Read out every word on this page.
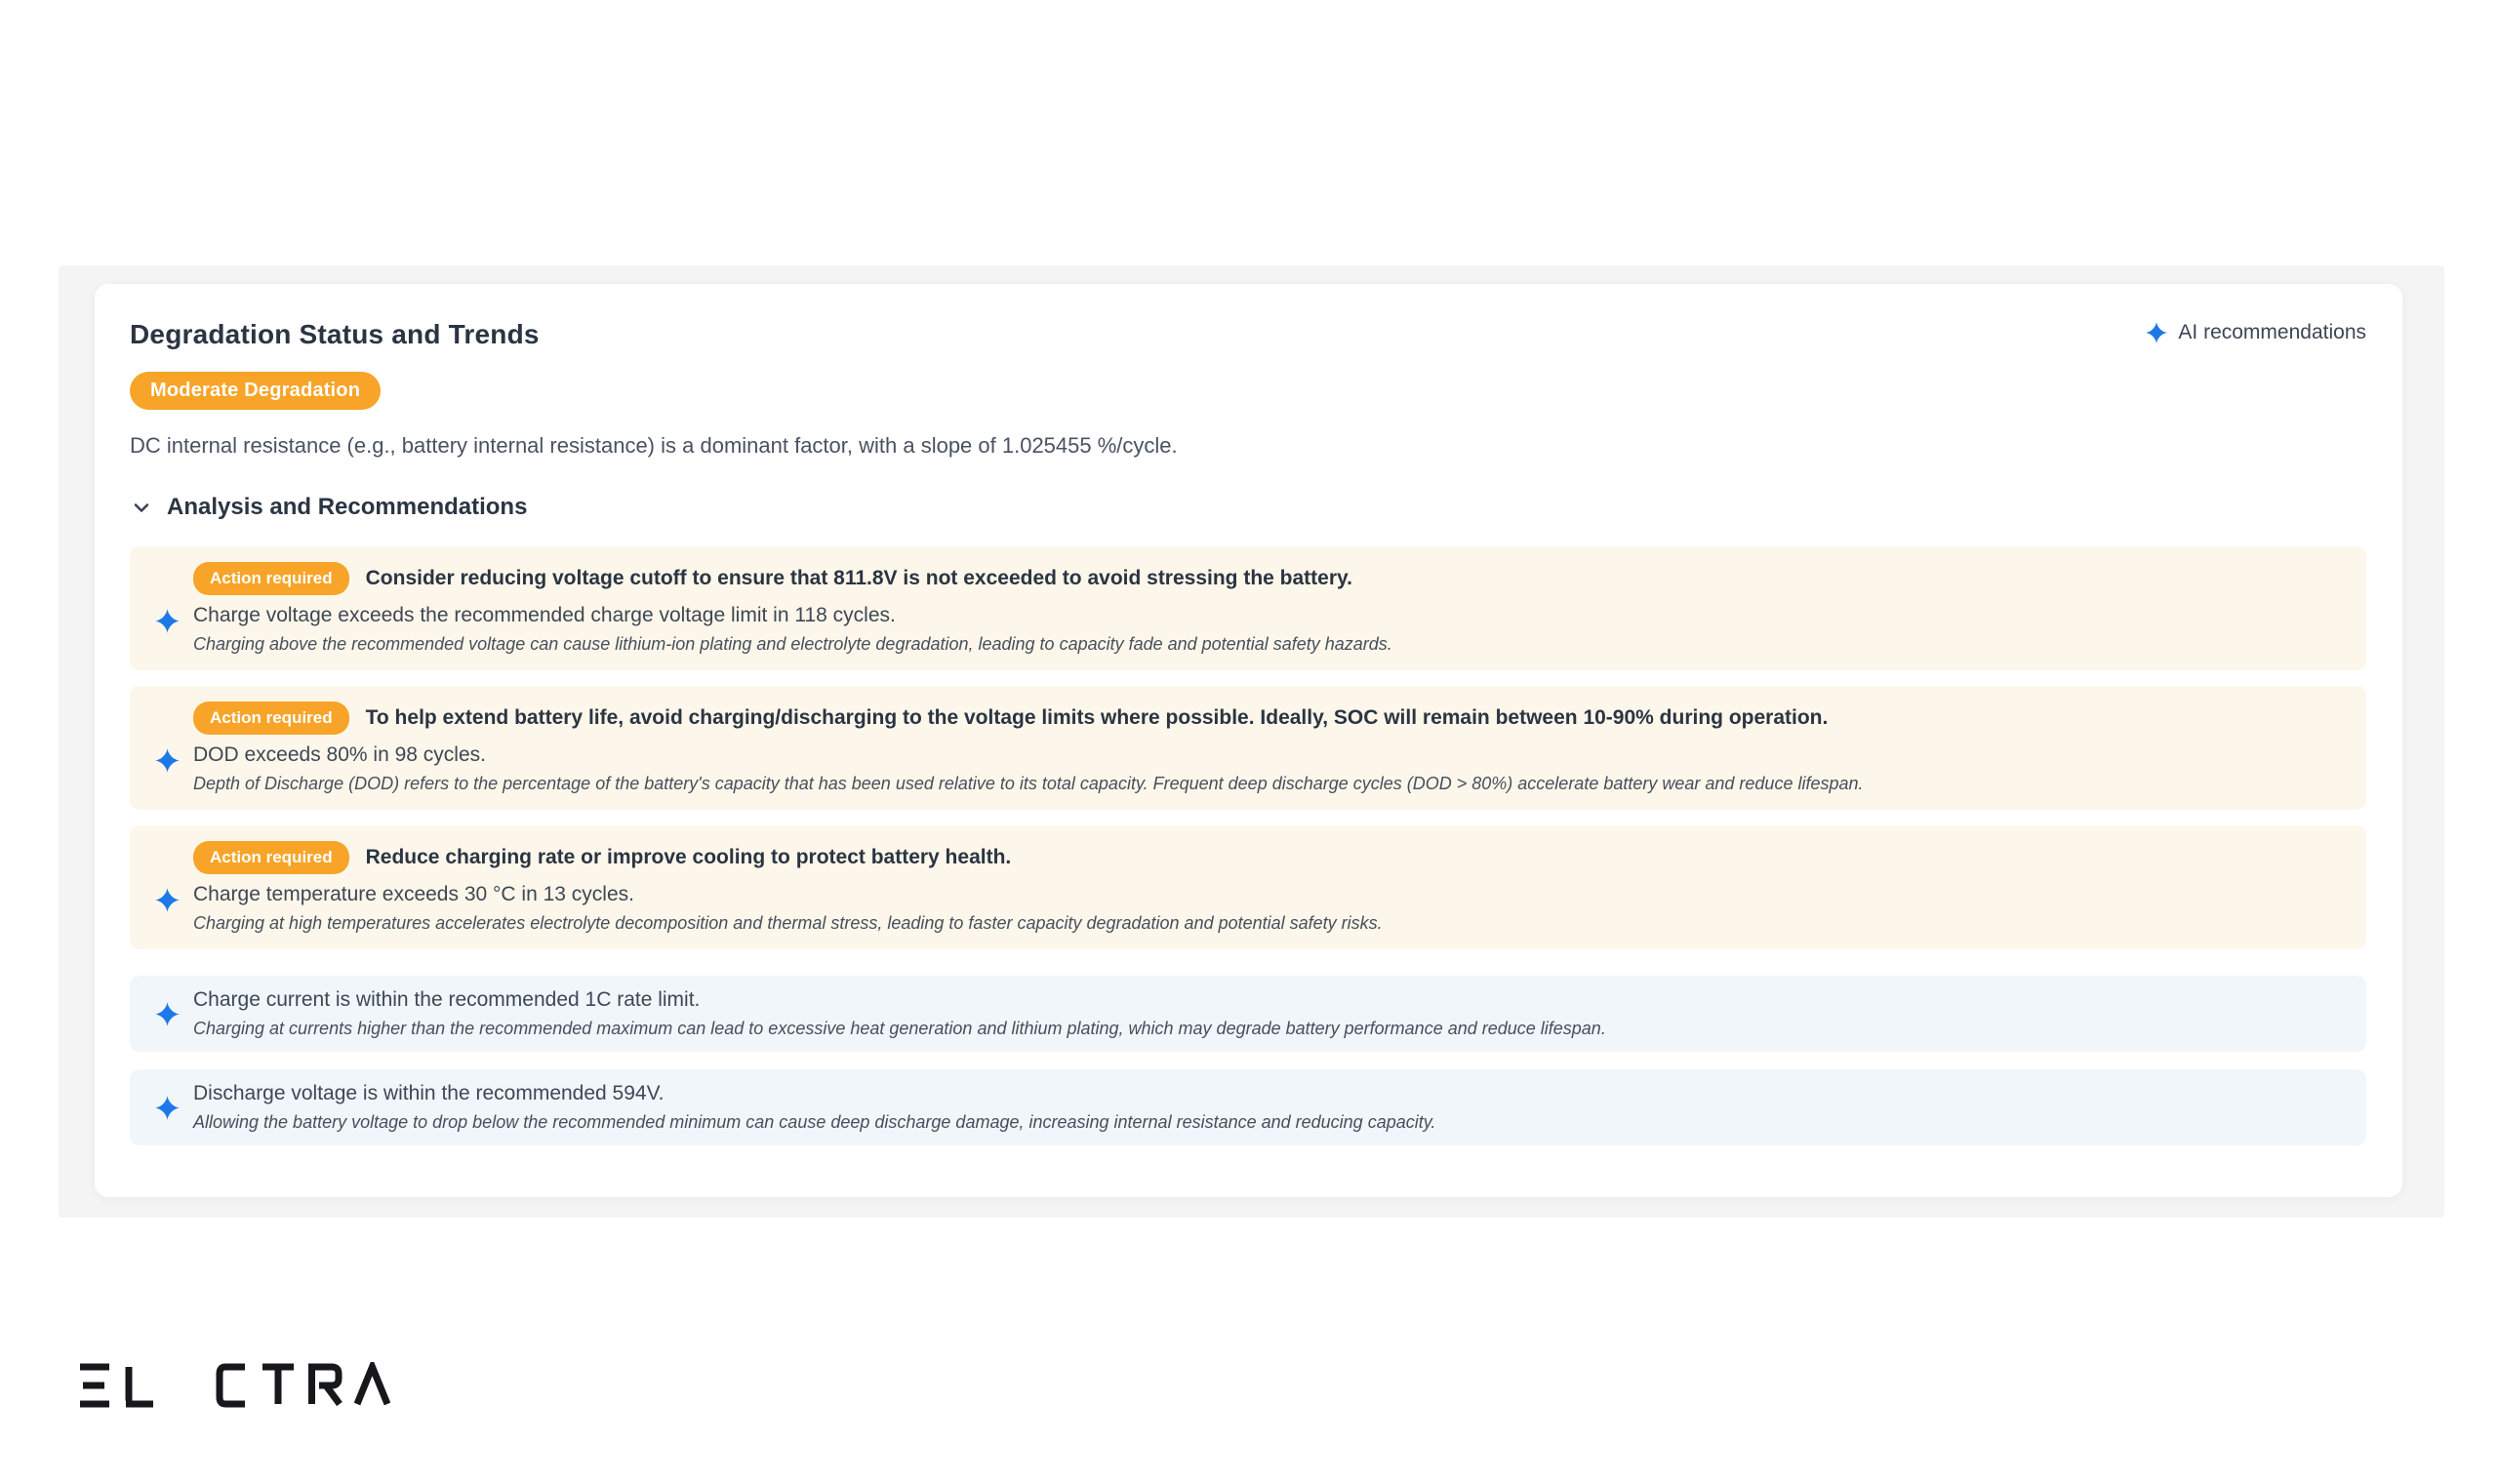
Degradation Status and Trends	AI recommendations
Moderate Degradation

DC internal resistance (e.g., battery internal resistance) is a dominant factor, with a slope of 1.025455 %/cycle.

Analysis and Recommendations
Action required	Consider reducing voltage cutoff to ensure that 811.8V is not exceeded to avoid stressing the battery.
Charge voltage exceeds the recommended charge voltage limit in 118 cycles.
Charging above the recommended voltage can cause lithium-ion plating and electrolyte degradation, leading to capacity fade and potential safety hazards.
Action required	To help extend battery life, avoid charging/discharging to the voltage limits where possible. Ideally, SOC will remain between 10-90% during operation.
DOD exceeds 80% in 98 cycles.
Depth of Discharge (DOD) refers to the percentage of the battery's capacity that has been used relative to its total capacity. Frequent deep discharge cycles (DOD > 80%) accelerate battery wear and reduce lifespan.
Action required	Reduce charging rate or improve cooling to protect battery health.
Charge temperature exceeds 30 °C in 13 cycles.
Charging at high temperatures accelerates electrolyte decomposition and thermal stress, leading to faster capacity degradation and potential safety risks.
Charge current is within the recommended 1C rate limit.
Charging at currents higher than the recommended maximum can lead to excessive heat generation and lithium plating, which may degrade battery performance and reduce lifespan.
Discharge voltage is within the recommended 594V.
Allowing the battery voltage to drop below the recommended minimum can cause deep discharge damage, increasing internal resistance and reducing capacity.
